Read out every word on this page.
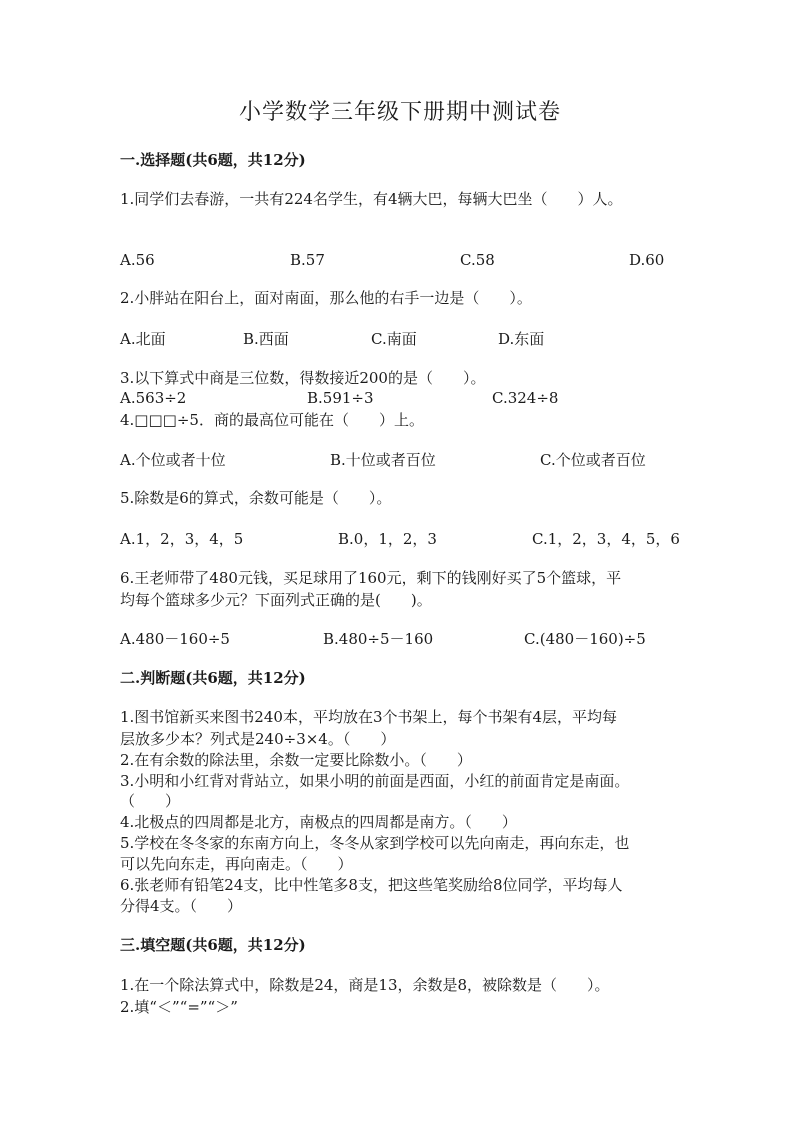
小学数学三年级下册期中测试卷
一.选择题(共6题，共12分)
1.同学们去春游，一共有224名学生，有4辆大巴，每辆大巴坐（　　）人。
A.56	B.57	C.58	D.60
2.小胖站在阳台上，面对南面，那么他的右手一边是（　　）。
A.北面	B.西面	C.南面	D.东面
3.以下算式中商是三位数，得数接近200的是（　　）。
A.563÷2	B.591÷3	C.324÷8
4.□□□÷5．商的最高位可能在（　　）上。
A.个位或者十位	B.十位或者百位	C.个位或者百位
5.除数是6的算式，余数可能是（　　）。
A.1，2，3，4，5	B.0，1，2，3	C.1，2，3，4，5，6
6.王老师带了480元钱，买足球用了160元，剩下的钱刚好买了5个篮球，平
均每个篮球多少元？下面列式正确的是(　　)。
A.480－160÷5	B.480÷5－160	C.(480－160)÷5
二.判断题(共6题，共12分)
1.图书馆新买来图书240本，平均放在3个书架上，每个书架有4层，平均每
层放多少本？列式是240÷3×4。（　　）
2.在有余数的除法里，余数一定要比除数小。（　　）
3.小明和小红背对背站立，如果小明的前面是西面，小红的前面肯定是南面。
（　　）
4.北极点的四周都是北方，南极点的四周都是南方。（　　）
5.学校在冬冬家的东南方向上，冬冬从家到学校可以先向南走，再向东走，也
可以先向东走，再向南走。（　　）
6.张老师有铅笔24支，比中性笔多8支，把这些笔奖励给8位同学，平均每人
分得4支。（　　）
三.填空题(共6题，共12分)
1.在一个除法算式中，除数是24，商是13，余数是8，被除数是（　　）。
2.填“＜”“=”“＞”
